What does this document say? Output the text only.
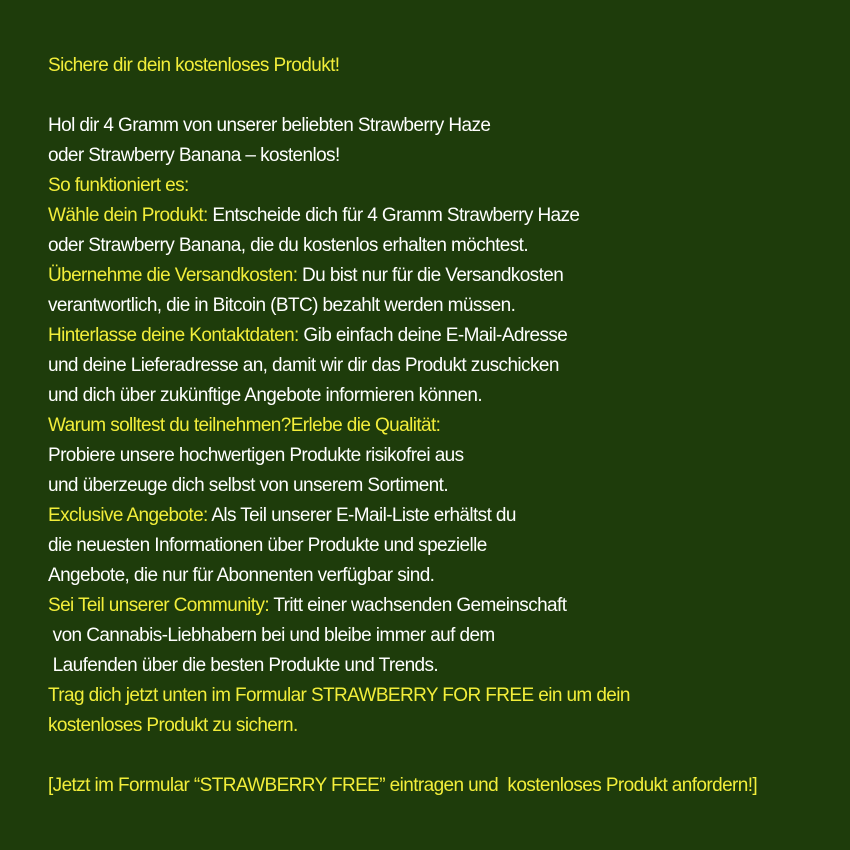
Sichere dir dein kostenloses Produkt!
Hol dir 4 Gramm von unserer beliebten Strawberry Haze
oder Strawberry Banana – kostenlos!
So funktioniert es:
Wähle dein Produkt: Entscheide dich für 4 Gramm Strawberry Haze
oder Strawberry Banana, die du kostenlos erhalten möchtest.
Übernehme die Versandkosten: Du bist nur für die Versandkosten
verantwortlich, die in Bitcoin (BTC) bezahlt werden müssen.
Hinterlasse deine Kontaktdaten: Gib einfach deine E-Mail-Adresse
und deine Lieferadresse an, damit wir dir das Produkt zuschicken
und dich über zukünftige Angebote informieren können.
Warum solltest du teilnehmen?Erlebe die Qualität:
Probiere unsere hochwertigen Produkte risikofrei aus
und überzeuge dich selbst von unserem Sortiment.
Exclusive Angebote: Als Teil unserer E-Mail-Liste erhältst du
die neuesten Informationen über Produkte und spezielle
Angebote, die nur für Abonnenten verfügbar sind.
Sei Teil unserer Community: Tritt einer wachsenden Gemeinschaft
von Cannabis-Liebhabern bei und bleibe immer auf dem
Laufenden über die besten Produkte und Trends.
Trag dich jetzt unten im Formular STRAWBERRY FOR FREE ein um dein
kostenloses Produkt zu sichern.
[Jetzt im Formular “STRAWBERRY FREE” eintragen und  kostenloses Produkt anfordern!]
